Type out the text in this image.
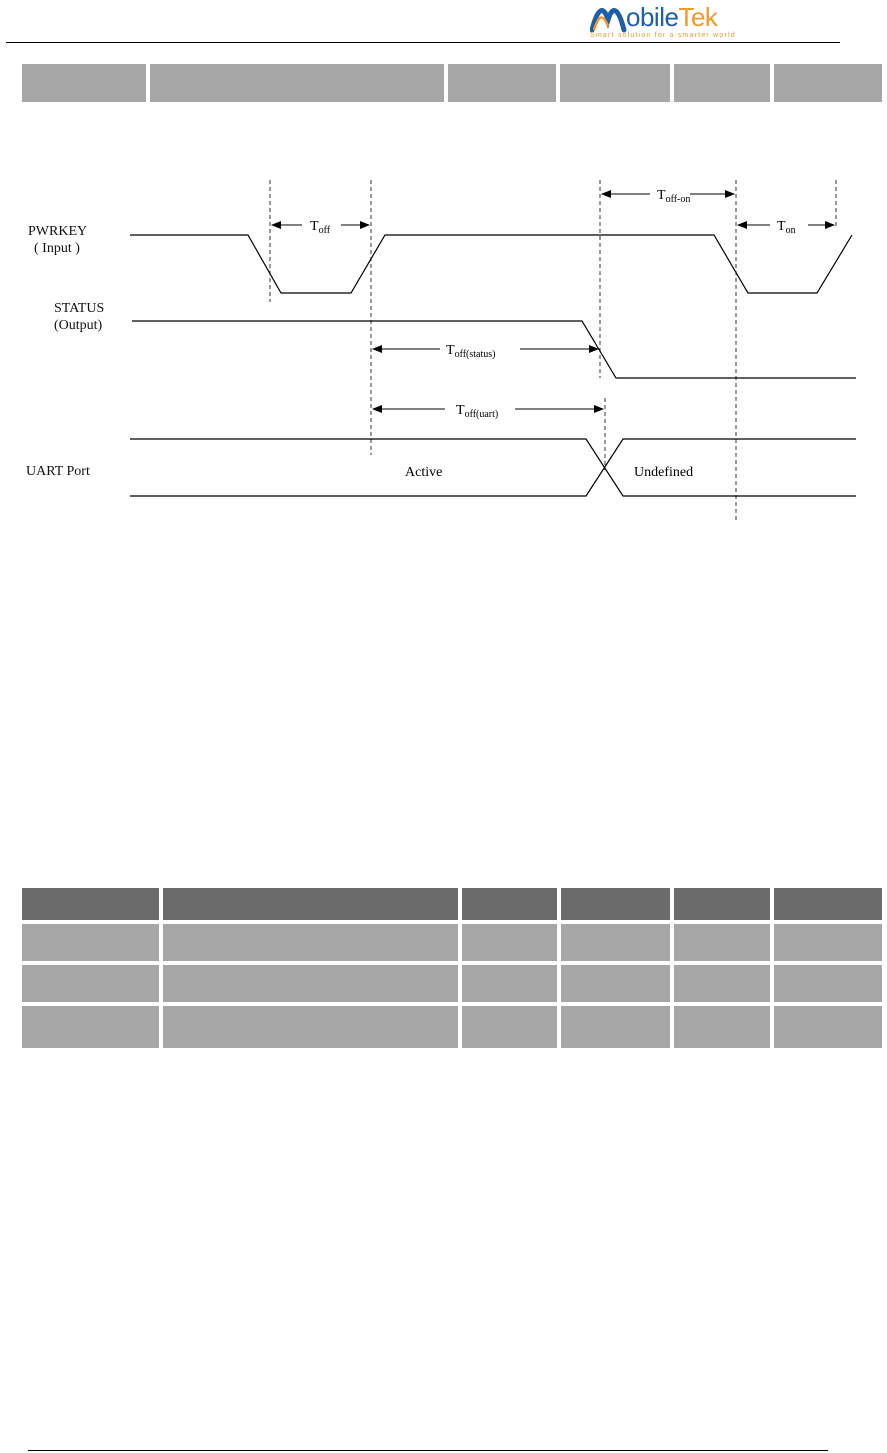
obileTek
Smart solution for a smarter world
$T_{off}$
$T_{off-on}$
$T_{on}$
$T_{off(status)}$
$T_{off(uart)}$
Active	Undefined
PWRKEY
( Input )
STATUS
(Output)
UART Port
